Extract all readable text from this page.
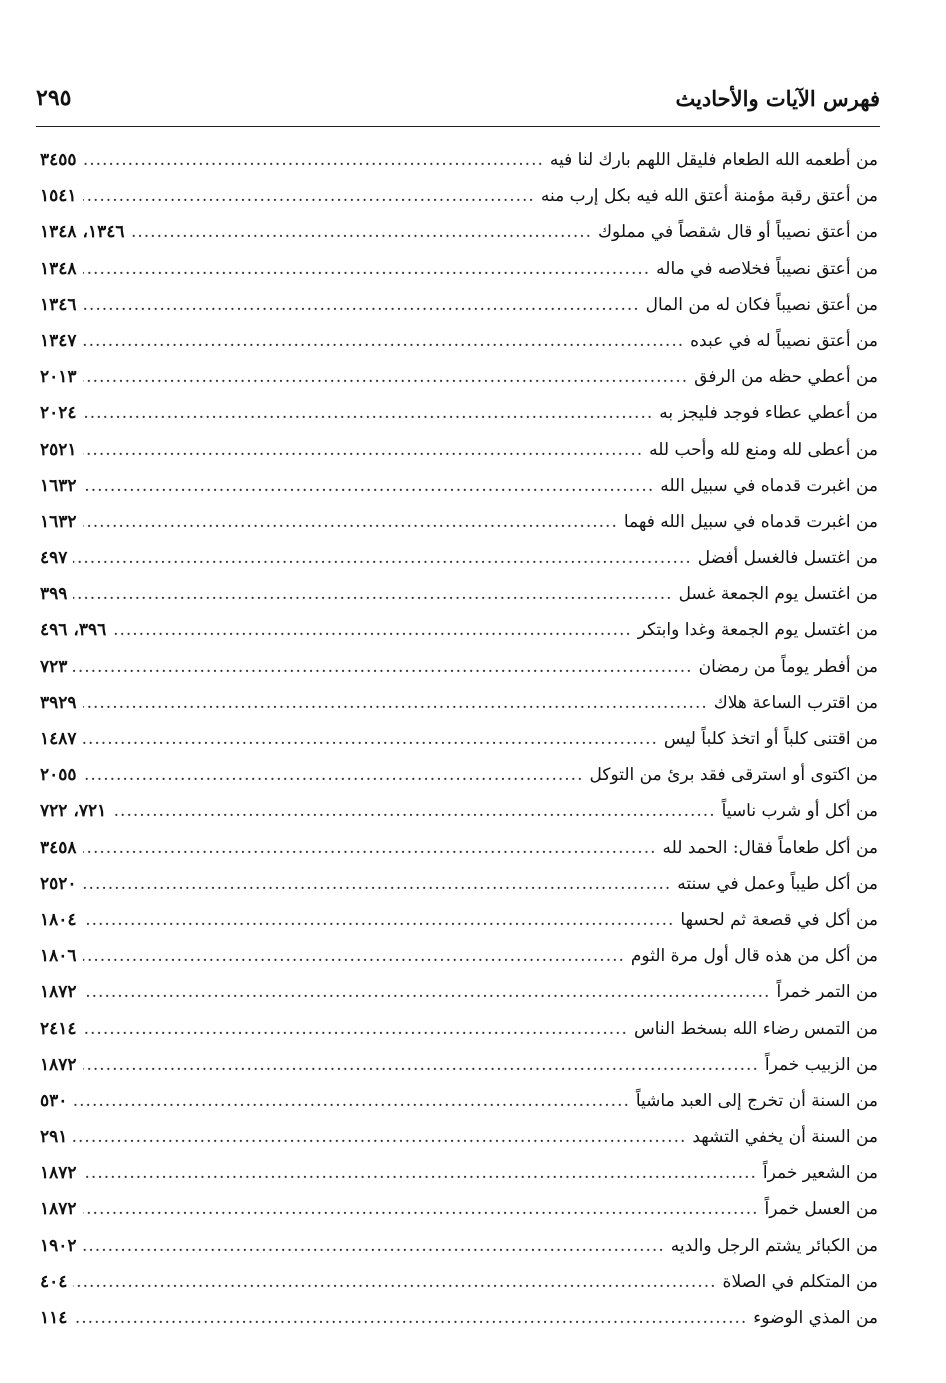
فهرس الآيات والأحاديث
٢٩٥
من أطعمه الله الطعام فليقل اللهم بارك لنا فيه
.....
٣٤٥٥
من أعتق رقبة مؤمنة أعتق الله فيه بكل إرب منه
.....
١٥٤١
من أعتق نصيباً أو قال شقصاً في مملوك
.....
١٣٤٦، ١٣٤٨
من أعتق نصيباً فخلاصه في ماله
.....
١٣٤٨
من أعتق نصيباً فكان له من المال
.....
١٣٤٦
من أعتق نصيباً له في عبده
.....
١٣٤٧
من أعطي حظه من الرفق
.....
٢٠١٣
من أعطي عطاء فوجد فليجز به
.....
٢٠٢٤
من أعطى لله ومنع لله وأحب لله
.....
٢٥٢١
من اغبرت قدماه في سبيل الله
.....
١٦٣٢
من اغبرت قدماه في سبيل الله فهما
.....
١٦٣٢
من اغتسل فالغسل أفضل
.....
٤٩٧
من اغتسل يوم الجمعة غسل
.....
٣٩٩
من اغتسل يوم الجمعة وغدا وابتكر
.....
٣٩٦، ٤٩٦
من أفطر يوماً من رمضان
.....
٧٢٣
من اقترب الساعة هلاك
.....
٣٩٢٩
من اقتنى كلباً أو اتخذ كلباً ليس
.....
١٤٨٧
من اكتوى أو استرقى فقد برئ من التوكل
.....
٢٠٥٥
من أكل أو شرب ناسياً
.....
٧٢١، ٧٢٢
من أكل طعاماً فقال: الحمد لله
.....
٣٤٥٨
من أكل طيباً وعمل في سنته
.....
٢٥٢٠
من أكل في قصعة ثم لحسها
.....
١٨٠٤
من أكل من هذه قال أول مرة الثوم
.....
١٨٠٦
من التمر خمراً
.....
١٨٧٢
من التمس رضاء الله بسخط الناس
.....
٢٤١٤
من الزبيب خمراً
.....
١٨٧٢
من السنة أن تخرج إلى العبد ماشياً
.....
٥٣٠
من السنة أن يخفي التشهد
.....
٢٩١
من الشعير خمراً
.....
١٨٧٢
من العسل خمراً
.....
١٨٧٢
من الكبائر يشتم الرجل والديه
.....
١٩٠٢
من المتكلم في الصلاة
.....
٤٠٤
من المذي الوضوء
.....
١١٤
